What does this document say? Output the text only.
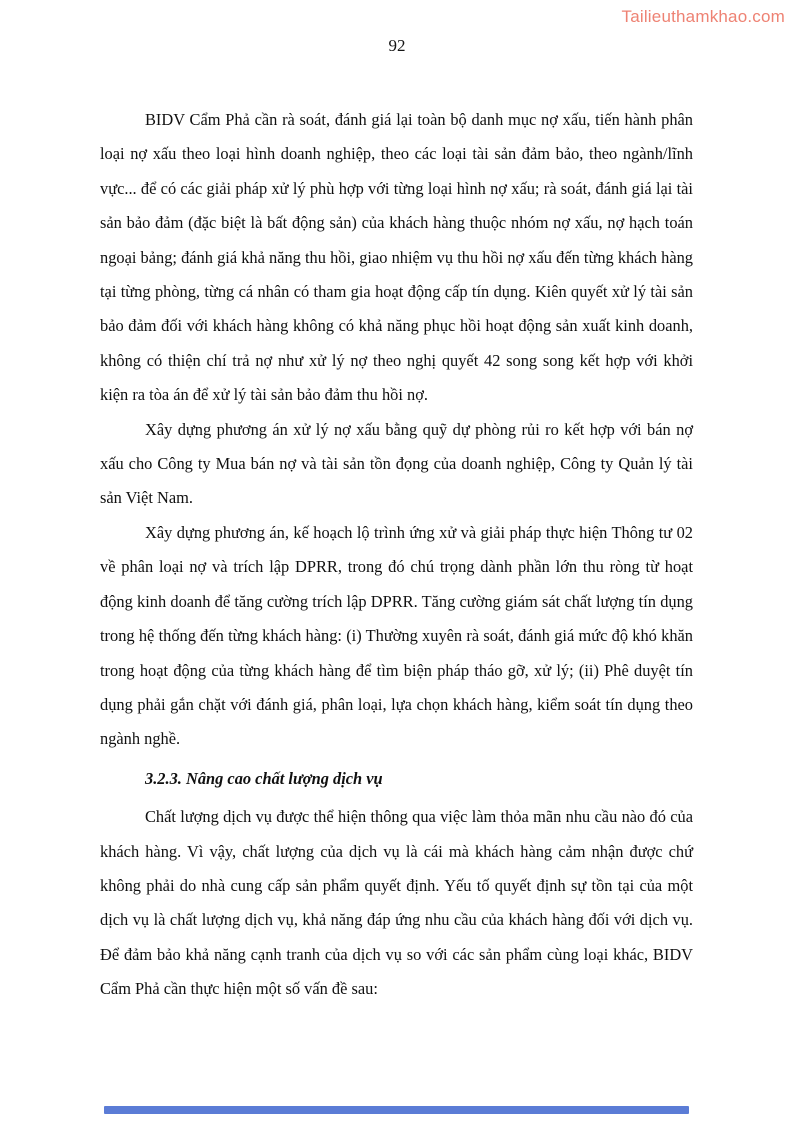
Tailieuthamkhao.com
92

BIDV Cẩm Phả cần rà soát, đánh giá lại toàn bộ danh mục nợ xấu, tiến hành phân loại nợ xấu theo loại hình doanh nghiệp, theo các loại tài sản đảm bảo, theo ngành/lĩnh vực... để có các giải pháp xử lý phù hợp với từng loại hình nợ xấu; rà soát, đánh giá lại tài sản bảo đảm (đặc biệt là bất động sản) của khách hàng thuộc nhóm nợ xấu, nợ hạch toán ngoại bảng; đánh giá khả năng thu hồi, giao nhiệm vụ thu hồi nợ xấu đến từng khách hàng tại từng phòng, từng cá nhân có tham gia hoạt động cấp tín dụng. Kiên quyết xử lý tài sản bảo đảm đối với khách hàng không có khả năng phục hồi hoạt động sản xuất kinh doanh, không có thiện chí trả nợ như xử lý nợ theo nghị quyết 42 song song kết hợp với khởi kiện ra tòa án để xử lý tài sản bảo đảm thu hồi nợ.

Xây dựng phương án xử lý nợ xấu bằng quỹ dự phòng rủi ro kết hợp với bán nợ xấu cho Công ty Mua bán nợ và tài sản tồn đọng của doanh nghiệp, Công ty Quản lý tài sản Việt Nam.

Xây dựng phương án, kế hoạch lộ trình ứng xử và giải pháp thực hiện Thông tư 02 về phân loại nợ và trích lập DPRR, trong đó chú trọng dành phần lớn thu ròng từ hoạt động kinh doanh để tăng cường trích lập DPRR. Tăng cường giám sát chất lượng tín dụng trong hệ thống đến từng khách hàng: (i) Thường xuyên rà soát, đánh giá mức độ khó khăn trong hoạt động của từng khách hàng để tìm biện pháp tháo gỡ, xử lý; (ii) Phê duyệt tín dụng phải gắn chặt với đánh giá, phân loại, lựa chọn khách hàng, kiểm soát tín dụng theo ngành nghề.

3.2.3. Nâng cao chất lượng dịch vụ

Chất lượng dịch vụ được thể hiện thông qua việc làm thỏa mãn nhu cầu nào đó của khách hàng. Vì vậy, chất lượng của dịch vụ là cái mà khách hàng cảm nhận được chứ không phải do nhà cung cấp sản phẩm quyết định. Yếu tố quyết định sự tồn tại của một dịch vụ là chất lượng dịch vụ, khả năng đáp ứng nhu cầu của khách hàng đối với dịch vụ. Để đảm bảo khả năng cạnh tranh của dịch vụ so với các sản phẩm cùng loại khác, BIDV Cẩm Phả cần thực hiện một số vấn đề sau:
